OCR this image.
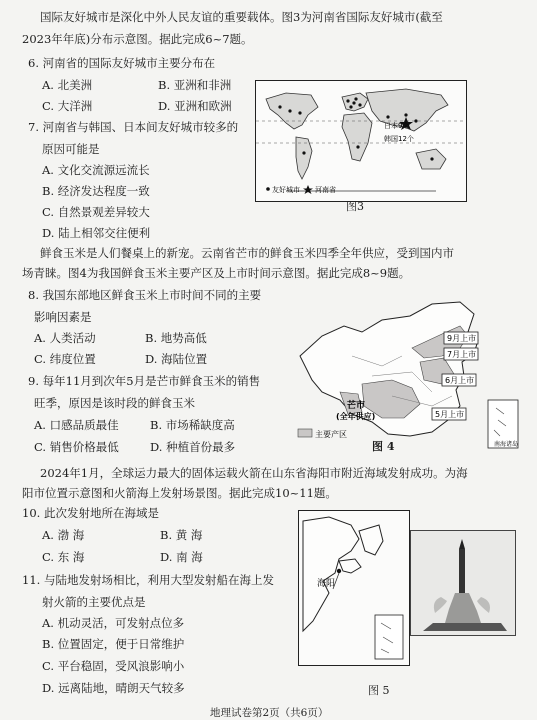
国际友好城市是深化中外人民友谊的重要载体。图3为河南省国际友好城市(截至
2023年年底)分布示意图。据此完成6~7题。
6. 河南省的国际友好城市主要分布在
A. 北美洲	B. 亚洲和非洲
C. 大洋洲	D. 亚洲和欧洲
7. 河南省与韩国、日本间友好城市较多的
原因可能是
A. 文化交流源远流长
B. 经济发达程度一致
C. 自然景观差异较大
D. 陆上相邻交往便利
日本9个
韩国12个
友好城市 河南省
图3
鲜食玉米是人们餐桌上的新宠。云南省芒市的鲜食玉米四季全年供应，受到国内市
场青睐。图4为我国鲜食玉米主要产区及上市时间示意图。据此完成8~9题。
8. 我国东部地区鲜食玉米上市时间不同的主要
影响因素是
A. 人类活动	B. 地势高低
C. 纬度位置	D. 海陆位置
9. 每年11月到次年5月是芒市鲜食玉米的销售
旺季，原因是该时段的鲜食玉米
A. 口感品质最佳	B. 市场稀缺度高
C. 销售价格最低	D. 种植首份最多
9月上市
7月上市
6月上市
5月上市
芒市
(全年供应)
主要产区
南海诸岛
图 4
2024年1月，全球运力最大的固体运载火箭在山东省海阳市附近海域发射成功。为海
阳市位置示意图和火箭海上发射场景图。据此完成10~11题。
10. 此次发射地所在海域是
A. 渤 海	B. 黄 海
C. 东 海	D. 南 海
11. 与陆地发射场相比，利用大型发射船在海上发
射火箭的主要优点是
A. 机动灵活，可发射点位多
B. 位置固定，便于日常维护
C. 平台稳固，受风浪影响小
D. 远离陆地，晴朗天气较多
海阳
图 5
地理试卷第2页（共6页）
